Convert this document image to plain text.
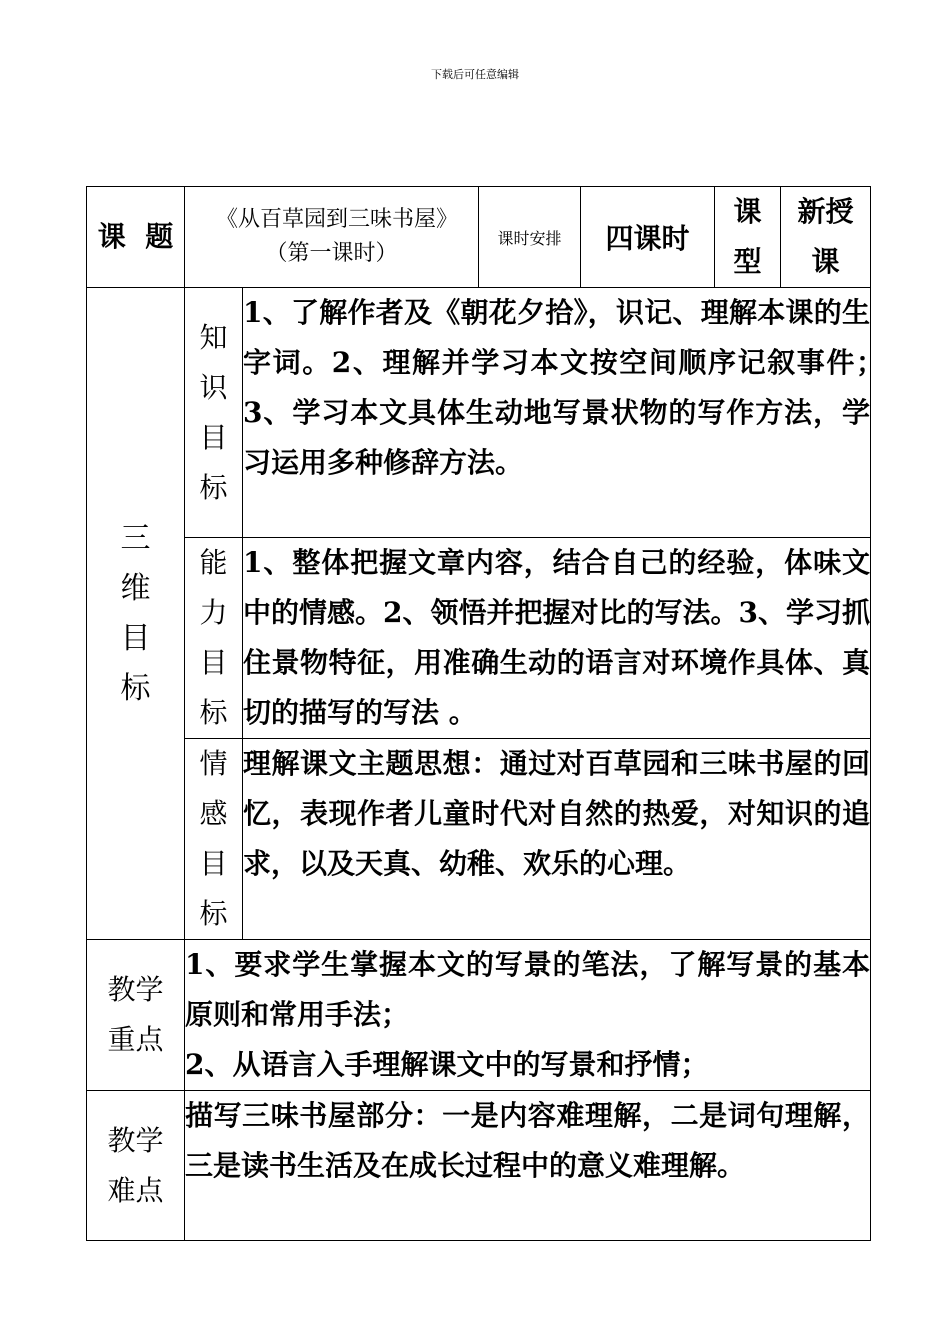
下载后可任意编辑
课  题	《从百草园到三味书屋》（第一课时）		课时安排	四课时	课型	新授课

三维目标	知识目标	1、了解作者及《朝花夕拾》，识记、理解本课的生字词。2、理解并学习本文按空间顺序记叙事件；　3、学习本文具体生动地写景状物的写作方法，学习运用多种修辞方法。				

	能力目标	1、整体把握文章内容，结合自己的经验，体味文中的情感。2、领悟并把握对比的写法。3、学习抓住景物特征，用准确生动的语言对环境作具体、真切的描写的写法 。				

	情感目标	理解课文主题思想：通过对百草园和三味书屋的回忆，表现作者儿童时代对自然的热爱，对知识的追求，以及天真、幼稚、欢乐的心理。				

教学重点	1、要求学生掌握本文的写景的笔法，了解写景的基本原则和常用手法；

2、从语言入手理解课文中的写景和抒情；					

教学难点	描写三味书屋部分：一是内容难理解，二是词句理解，三是读书生活及在成长过程中的意义难理解。					
